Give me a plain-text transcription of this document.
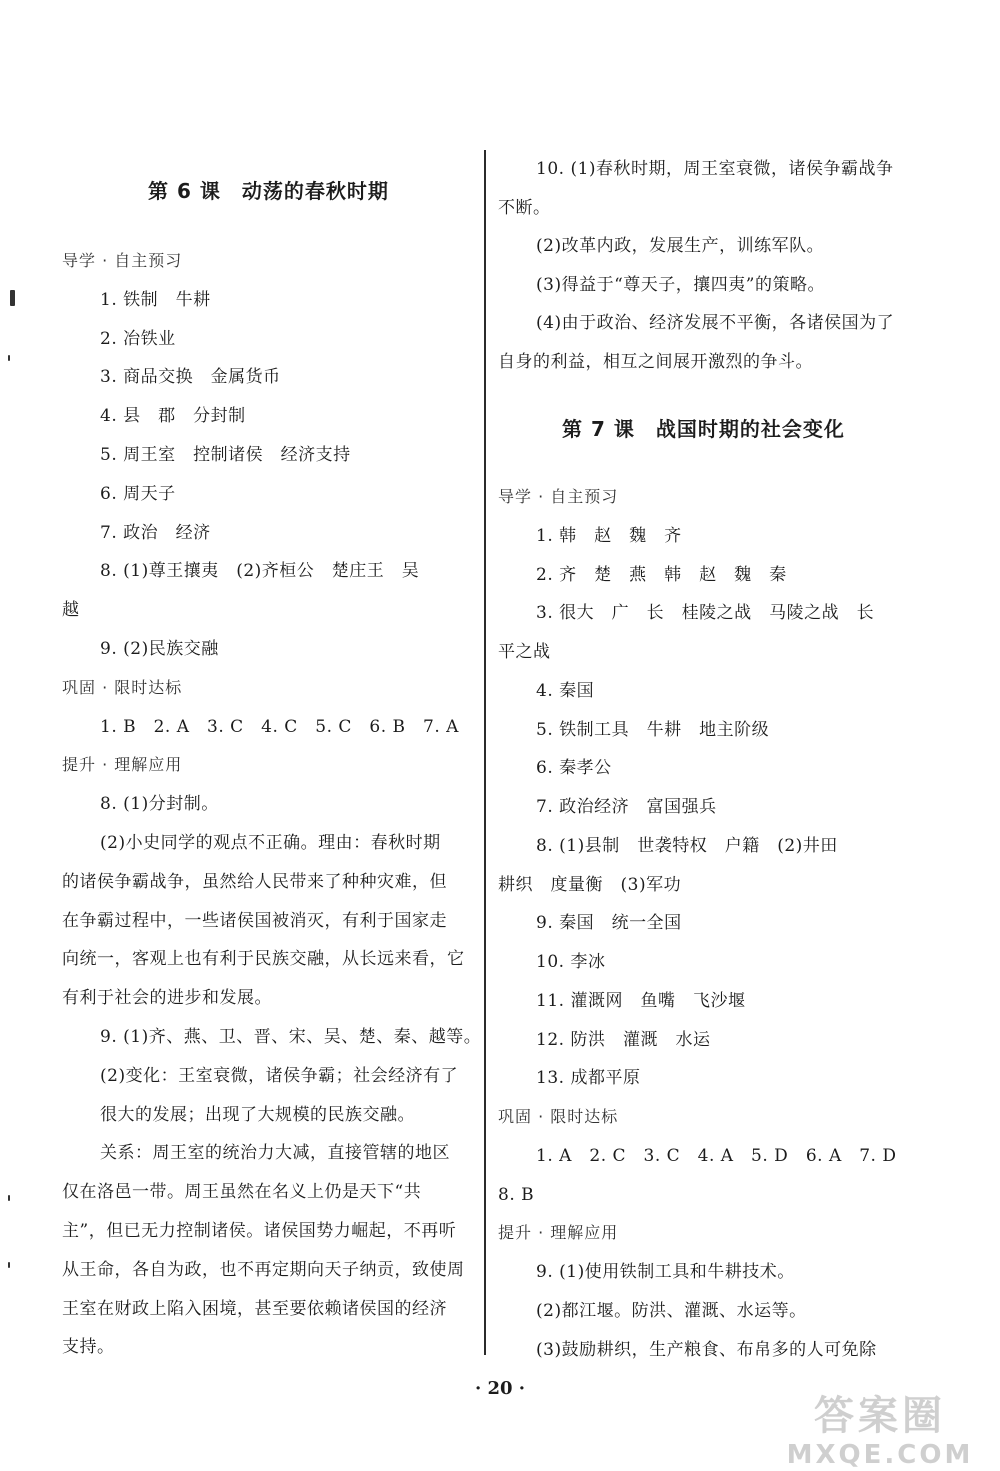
第 6 课　动荡的春秋时期
导学 · 自主预习
1. 铁制　牛耕
2. 冶铁业
3. 商品交换　金属货币
4. 县　郡　分封制
5. 周王室　控制诸侯　经济支持
6. 周天子
7. 政治　经济
8. (1)尊王攘夷　(2)齐桓公　楚庄王　吴
越
9. (2)民族交融
巩固 · 限时达标
1. B　2. A　3. C　4. C　5. C　6. B　7. A
提升 · 理解应用
8. (1)分封制。
(2)小史同学的观点不正确。理由：春秋时期
的诸侯争霸战争，虽然给人民带来了种种灾难，但
在争霸过程中，一些诸侯国被消灭，有利于国家走
向统一，客观上也有利于民族交融，从长远来看，它
有利于社会的进步和发展。
9. (1)齐、燕、卫、晋、宋、吴、楚、秦、越等。
(2)变化：王室衰微，诸侯争霸；社会经济有了
很大的发展；出现了大规模的民族交融。
关系：周王室的统治力大减，直接管辖的地区
仅在洛邑一带。周王虽然在名义上仍是天下“共
主”，但已无力控制诸侯。诸侯国势力崛起，不再听
从王命，各自为政，也不再定期向天子纳贡，致使周
王室在财政上陷入困境，甚至要依赖诸侯国的经济
支持。
第 7 课　战国时期的社会变化
10. (1)春秋时期，周王室衰微，诸侯争霸战争
不断。
(2)改革内政，发展生产，训练军队。
(3)得益于“尊天子，攘四夷”的策略。
(4)由于政治、经济发展不平衡，各诸侯国为了
自身的利益，相互之间展开激烈的争斗。
导学 · 自主预习
1. 韩　赵　魏　齐
2. 齐　楚　燕　韩　赵　魏　秦
3. 很大　广　长　桂陵之战　马陵之战　长
平之战
4. 秦国
5. 铁制工具　牛耕　地主阶级
6. 秦孝公
7. 政治经济　富国强兵
8. (1)县制　世袭特权　户籍　(2)井田
耕织　度量衡　(3)军功
9. 秦国　统一全国
10. 李冰
11. 灌溉网　鱼嘴　飞沙堰
12. 防洪　灌溉　水运
13. 成都平原
巩固 · 限时达标
1. A　2. C　3. C　4. A　5. D　6. A　7. D
8. B
提升 · 理解应用
9. (1)使用铁制工具和牛耕技术。
(2)都江堰。防洪、灌溉、水运等。
(3)鼓励耕织，生产粮食、布帛多的人可免除
· 20 ·
答案圈
MXQE.COM
